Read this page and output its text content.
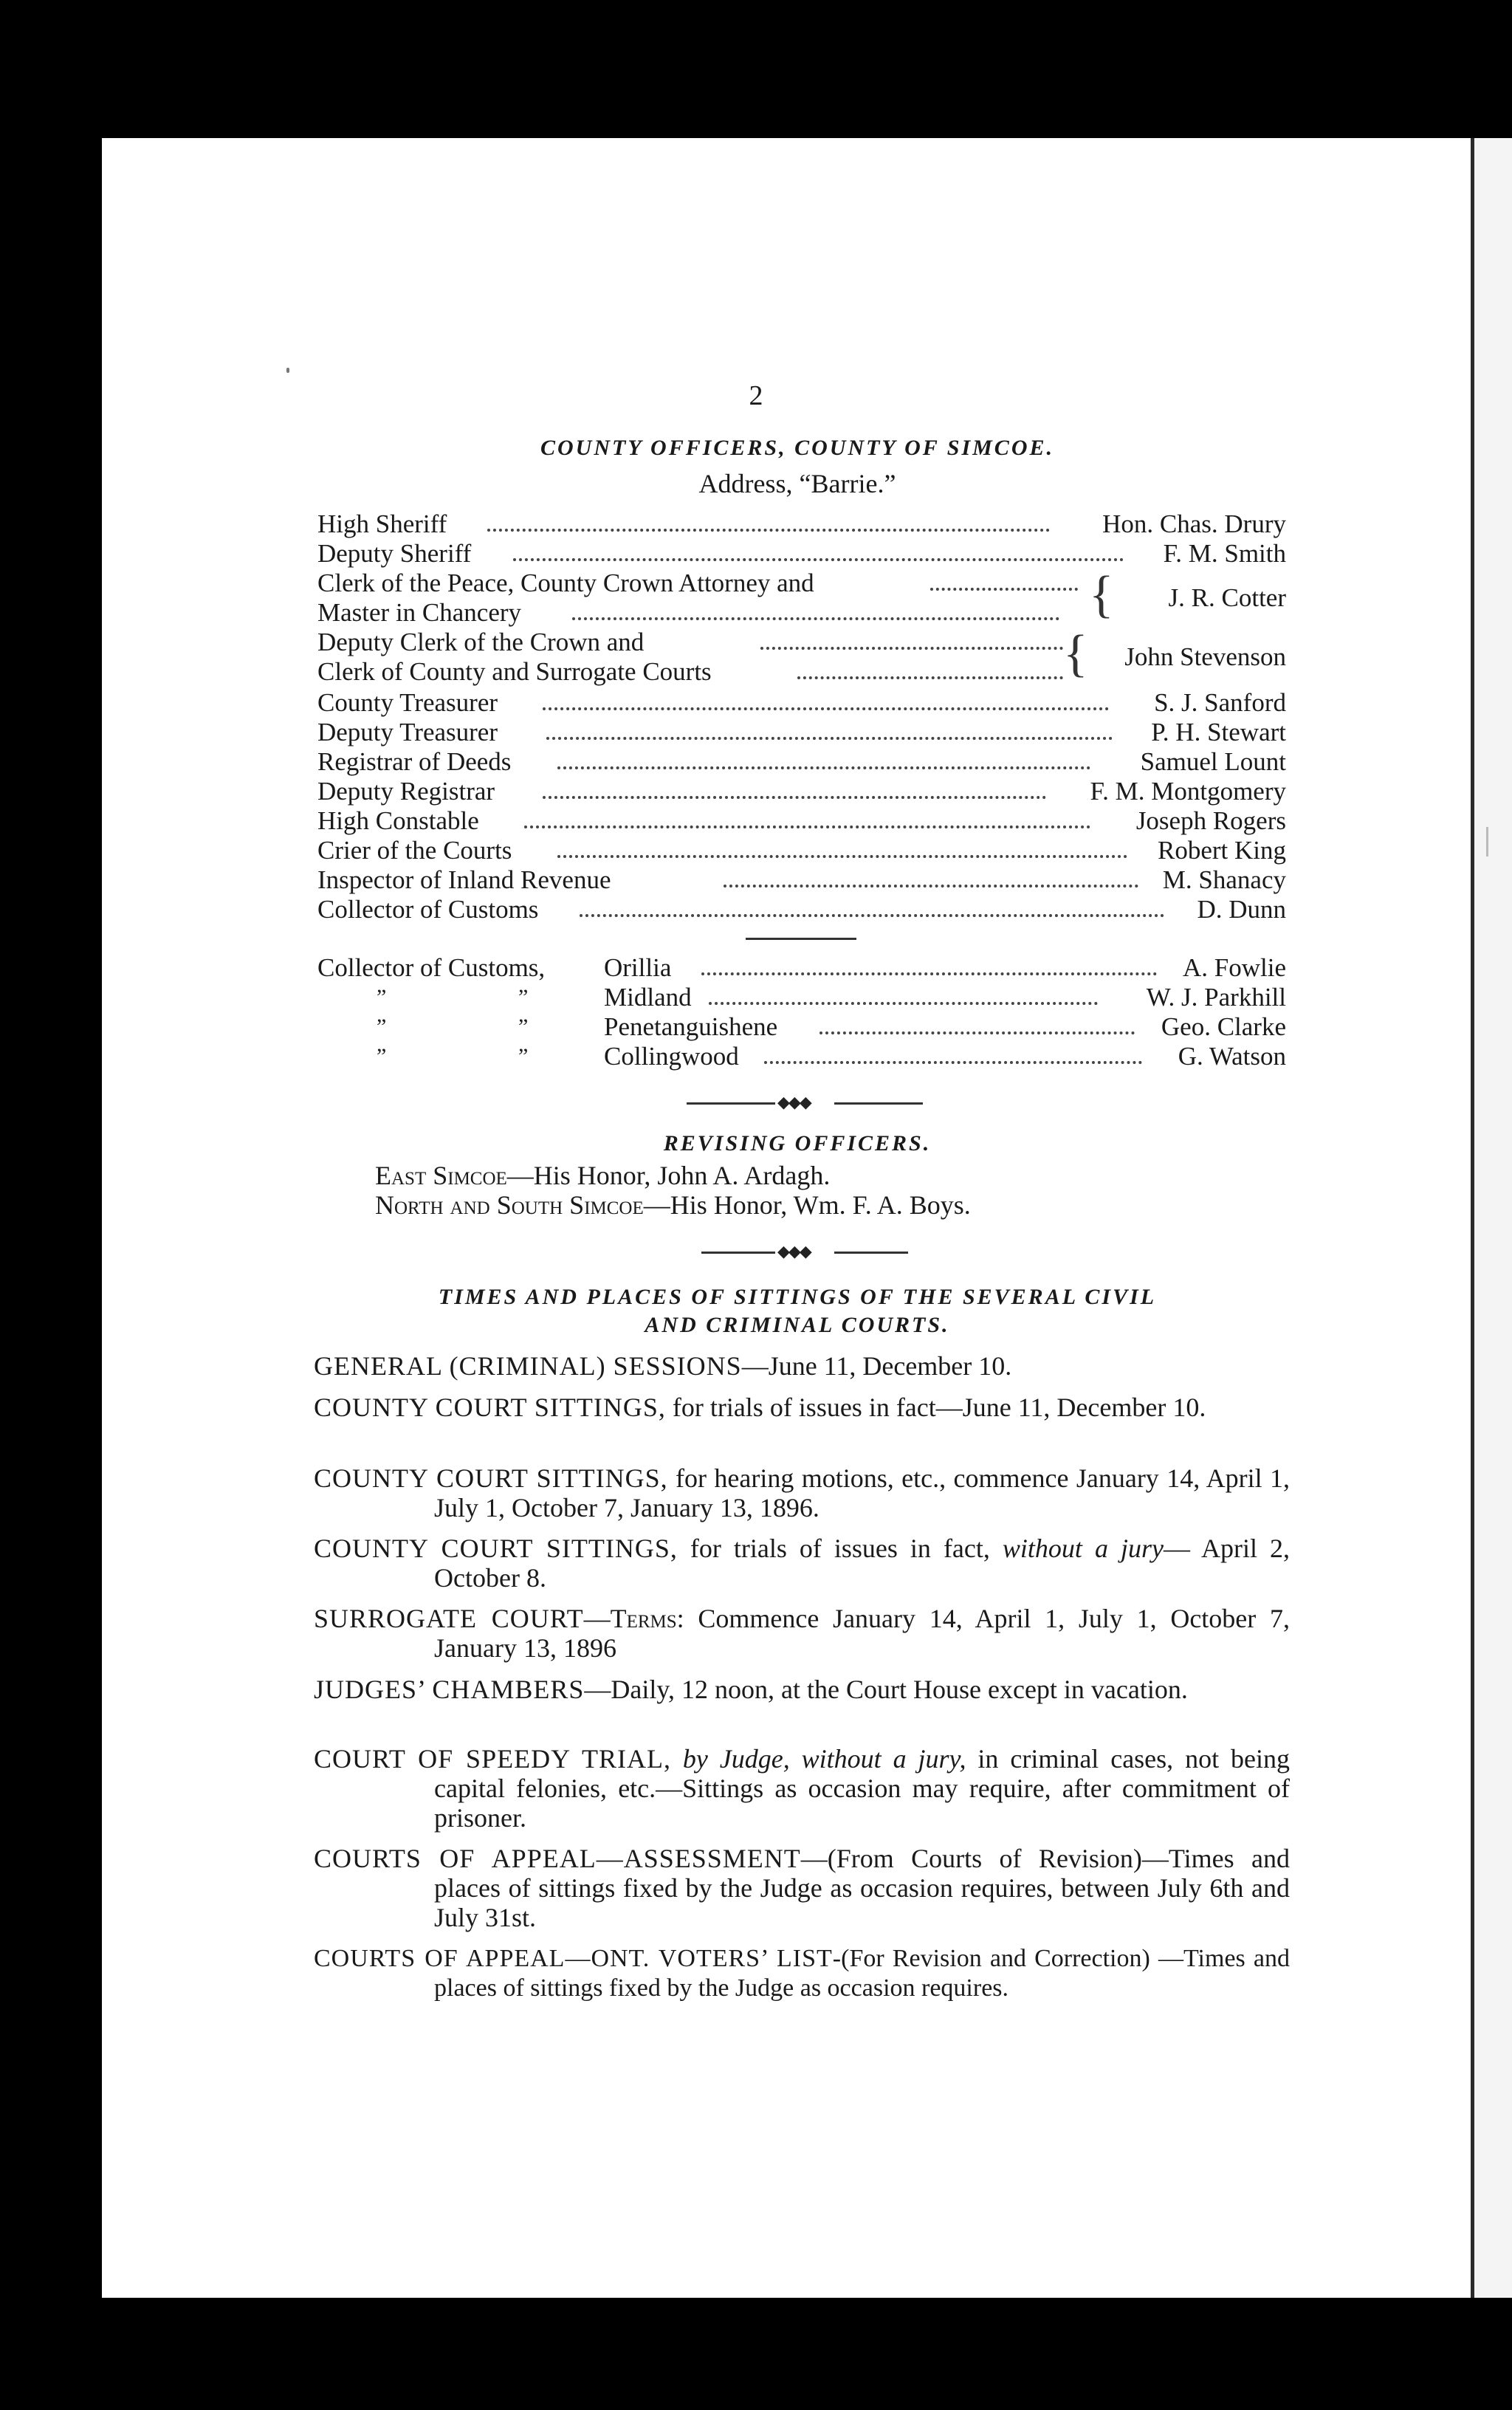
2
COUNTY OFFICERS, COUNTY OF SIMCOE.
Address, “Barrie.”
High Sheriff	Hon. Chas. Drury
Deputy Sheriff	F. M. Smith
Clerk of the Peace, County Crown Attorney and
Master in Chancery	{ J. R. Cotter
Deputy Clerk of the Crown and
Clerk of County and Surrogate Courts	{ John Stevenson
County Treasurer	S. J. Sanford
Deputy Treasurer	P. H. Stewart
Registrar of Deeds	Samuel Lount
Deputy Registrar	F. M. Montgomery
High Constable	Joseph Rogers
Crier of the Courts	Robert King
Inspector of Inland Revenue	M. Shanacy
Collector of Customs	D. Dunn
Collector of Customs, Orillia	A. Fowlie
”	”	Midland	W. J. Parkhill
”	”	Penetanguishene	Geo. Clarke
”	”	Collingwood	G. Watson
◆◆◆
REVISING OFFICERS.
East Simcoe—His Honor, John A. Ardagh.
North and South Simcoe—His Honor, Wm. F. A. Boys.
◆◆◆
TIMES AND PLACES OF SITTINGS OF THE SEVERAL CIVIL
AND CRIMINAL COURTS.
GENERAL (CRIMINAL) SESSIONS—June 11, December 10.
COUNTY COURT SITTINGS, for trials of issues in fact—June 11, December 10.
COUNTY COURT SITTINGS, for hearing motions, etc., commence January 14, April 1, July 1, October 7, January 13, 1896.
COUNTY COURT SITTINGS, for trials of issues in fact, without a jury— April 2, October 8.
SURROGATE COURT—Terms: Commence January 14, April 1, July 1, October 7, January 13, 1896
JUDGES’ CHAMBERS—Daily, 12 noon, at the Court House except in vacation.
COURT OF SPEEDY TRIAL, by Judge, without a jury, in criminal cases, not being capital felonies, etc.—Sittings as occasion may require, after commitment of prisoner.
COURTS OF APPEAL—ASSESSMENT—(From Courts of Revision)—Times and places of sittings fixed by the Judge as occasion requires, between July 6th and July 31st.
COURTS OF APPEAL—ONT. VOTERS’ LIST-(For Revision and Correction) —Times and places of sittings fixed by the Judge as occasion requires.
